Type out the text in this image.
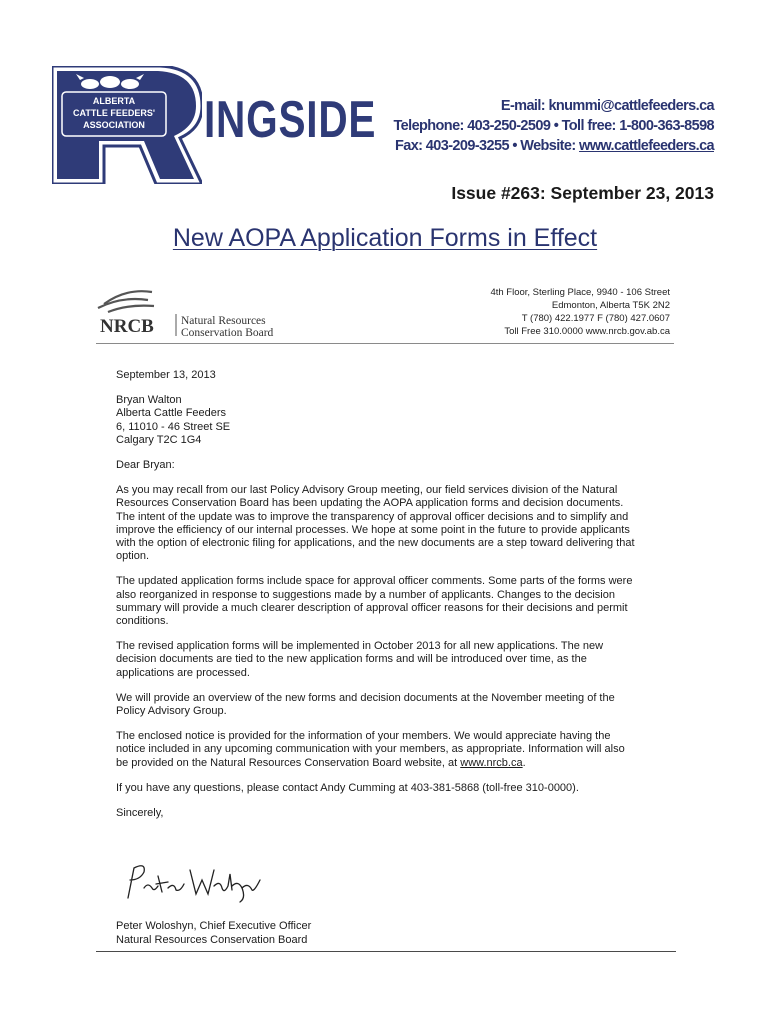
ALBERTA
CATTLE FEEDERS'
ASSOCIATION INGSIDE	E-mail: knummi@cattlefeeders.ca
Telephone: 403-250-2509 • Toll free: 1-800-363-8598
Fax: 403-209-3255 • Website: www.cattlefeeders.ca
Issue #263: September 23, 2013
New AOPA Application Forms in Effect
NRCB Natural Resources
Conservation Board
4th Floor, Sterling Place, 9940 - 106 Street
Edmonton, Alberta T5K 2N2
T (780) 422.1977 F (780) 427.0607
Toll Free 310.0000 www.nrcb.gov.ab.ca

September 13, 2013

Bryan Walton
Alberta Cattle Feeders
6, 11010 - 46 Street SE
Calgary T2C 1G4

Dear Bryan:

As you may recall from our last Policy Advisory Group meeting, our field services division of the Natural Resources Conservation Board has been updating the AOPA application forms and decision documents. The intent of the update was to improve the transparency of approval officer decisions and to simplify and improve the efficiency of our internal processes. We hope at some point in the future to provide applicants with the option of electronic filing for applications, and the new documents are a step toward delivering that option.

The updated application forms include space for approval officer comments. Some parts of the forms were also reorganized in response to suggestions made by a number of applicants. Changes to the decision summary will provide a much clearer description of approval officer reasons for their decisions and permit conditions.

The revised application forms will be implemented in October 2013 for all new applications. The new decision documents are tied to the new application forms and will be introduced over time, as the applications are processed.

We will provide an overview of the new forms and decision documents at the November meeting of the Policy Advisory Group.

The enclosed notice is provided for the information of your members. We would appreciate having the notice included in any upcoming communication with your members, as appropriate. Information will also be provided on the Natural Resources Conservation Board website, at www.nrcb.ca.

If you have any questions, please contact Andy Cumming at 403-381-5868 (toll-free 310-0000).

Sincerely,

Peter Woloshyn, Chief Executive Officer
Natural Resources Conservation Board
